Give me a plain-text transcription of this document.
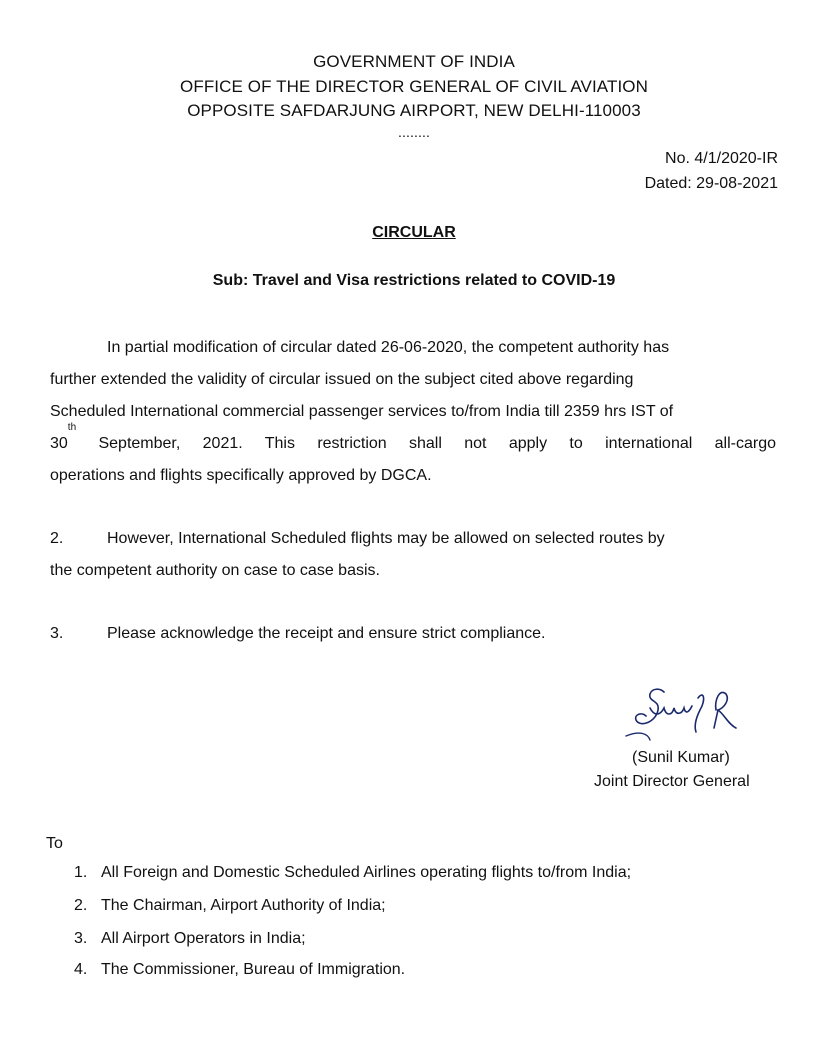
GOVERNMENT OF INDIA
OFFICE OF THE DIRECTOR GENERAL OF CIVIL AVIATION
OPPOSITE SAFDARJUNG AIRPORT, NEW DELHI-110003
........
No. 4/1/2020-IR
Dated: 29-08-2021
CIRCULAR
Sub: Travel and Visa restrictions related to COVID-19
In partial modification of circular dated 26-06-2020, the competent authority has
further extended the validity of circular issued on the subject cited above regarding
Scheduled International commercial passenger services to/from India till 2359 hrs IST of
30
th
September, 2021. This restriction shall not apply to international all-cargo
operations and flights specifically approved by DGCA.
2.	However, International Scheduled flights may be allowed on selected routes by
the competent authority on case to case basis.
3.	Please acknowledge the receipt and ensure strict compliance.
(Sunil Kumar)
Joint Director General
To
1. All Foreign and Domestic Scheduled Airlines operating flights to/from India;
2. The Chairman, Airport Authority of India;
3. All Airport Operators in India;
4. The Commissioner, Bureau of Immigration.
